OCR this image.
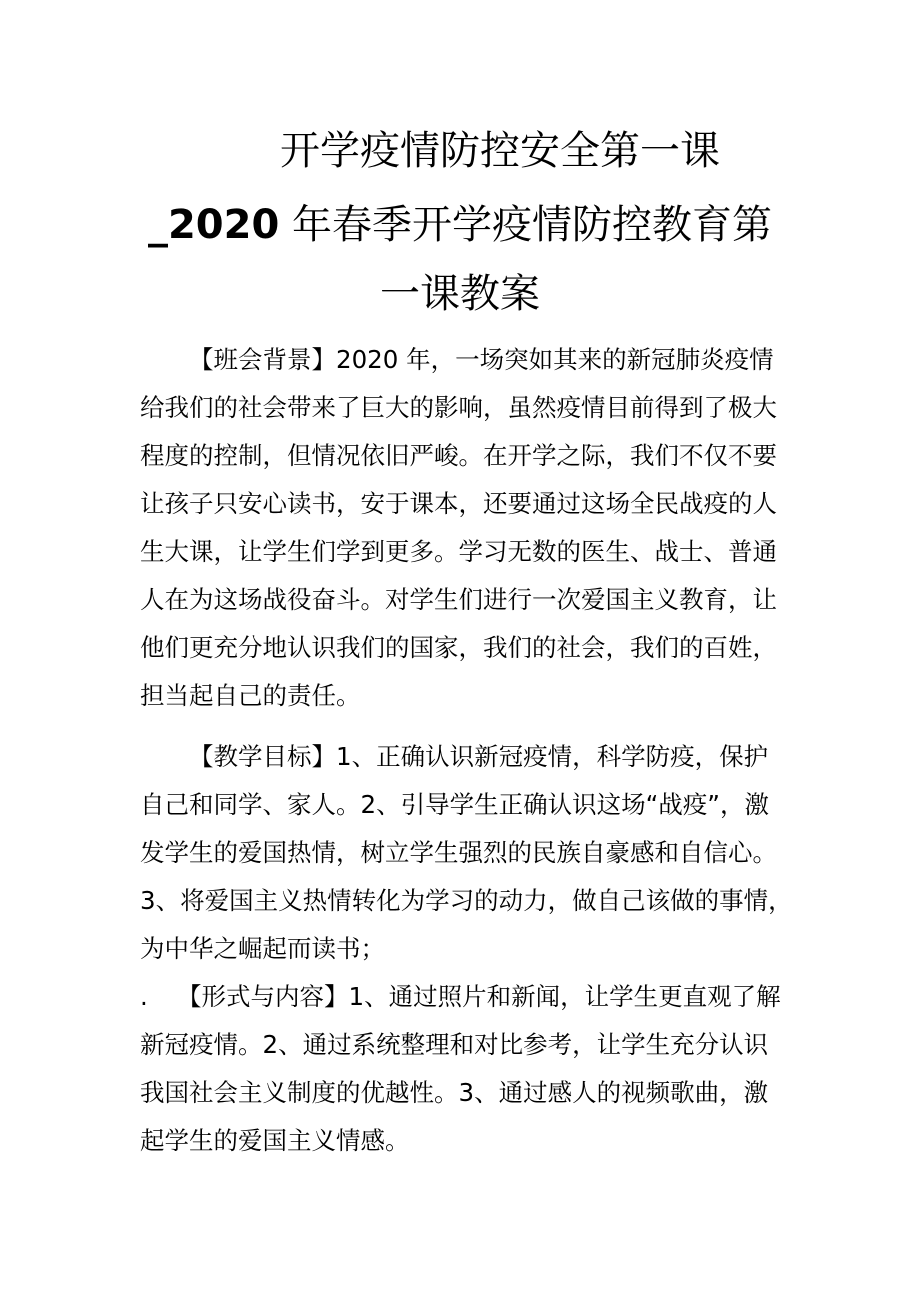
开学疫情防控安全第一课
_2020 年春季开学疫情防控教育第
一课教案
【班会背景】2020 年，一场突如其来的新冠肺炎疫情
给我们的社会带来了巨大的影响，虽然疫情目前得到了极大
程度的控制，但情况依旧严峻。在开学之际，我们不仅不要
让孩子只安心读书，安于课本，还要通过这场全民战疫的人
生大课，让学生们学到更多。学习无数的医生、战士、普通
人在为这场战役奋斗。对学生们进行一次爱国主义教育，让
他们更充分地认识我们的国家，我们的社会，我们的百姓，
担当起自己的责任。
【教学目标】1、正确认识新冠疫情，科学防疫，保护
自己和同学、家人。2、引导学生正确认识这场“战疫”，激
发学生的爱国热情，树立学生强烈的民族自豪感和自信心。
3、将爱国主义热情转化为学习的动力，做自己该做的事情，
为中华之崛起而读书；
.	【形式与内容】1、通过照片和新闻，让学生更直观了解
新冠疫情。2、通过系统整理和对比参考，让学生充分认识
我国社会主义制度的优越性。3、通过感人的视频歌曲，激
起学生的爱国主义情感。
